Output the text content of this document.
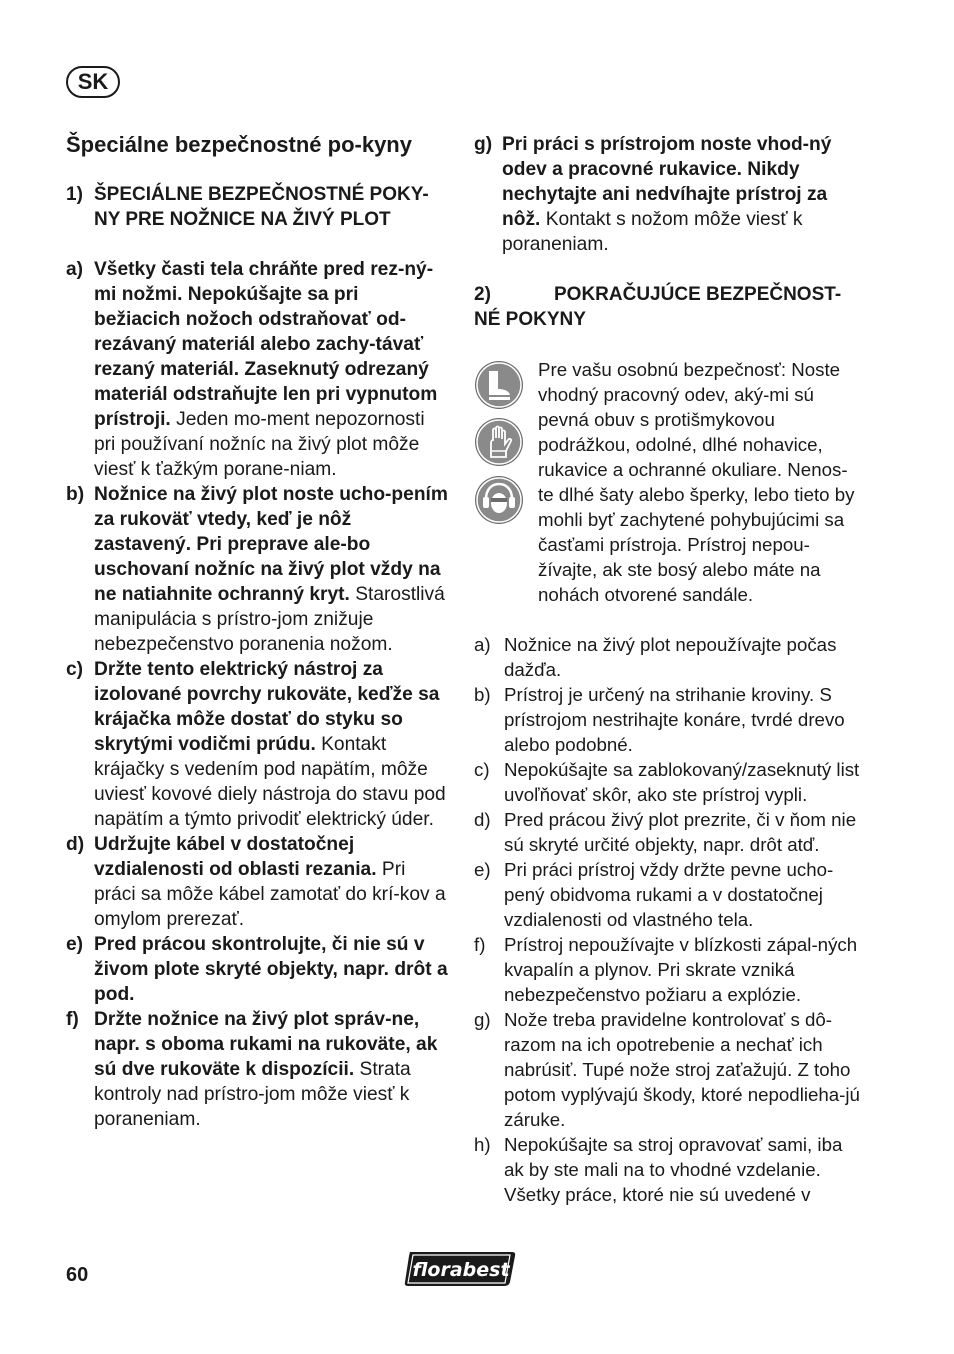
SK
Špeciálne bezpečnostné po-kyny
1) ŠPECIÁLNE BEZPEČNOSTNÉ POKY-
NY PRE NOŽNICE NA ŽIVÝ PLOT
a) Všetky časti tela chráňte pred rez-ný-mi nožmi. Nepokúšajte sa pri bežiacich nožoch odstraňovať od-rezávaný materiál alebo zachy-távať rezaný materiál. Zaseknutý odrezaný materiál odstraňujte len pri vypnutom prístroji. Jeden mo-ment nepozornosti pri používaní nožníc na živý plot môže viesť k ťažkým porane-niam.
b) Nožnice na živý plot noste ucho-pením za rukoväť vtedy, keď je nôž zastavený. Pri preprave ale-bo uschovaní nožníc na živý plot vždy na ne natiahnite ochranný kryt. Starostlivá manipulácia s prístro-jom znižuje nebezpečenstvo poranenia nožom.
c) Držte tento elektrický nástroj za izolované povrchy rukoväte, keďže sa krájačka môže dostať do styku so skrytými vodičmi prúdu. Kontakt krájačky s vedením pod napätím, môže uviesť kovové diely nástroja do stavu pod napätím a týmto privodiť elektrický úder.
d) Udržujte kábel v dostatočnej vzdialenosti od oblasti rezania. Pri práci sa môže kábel zamotať do krí-kov a omylom prerezať.
e) Pred prácou skontrolujte, či nie sú v živom plote skryté objekty, napr. drôt a pod.
f) Držte nožnice na živý plot správ-ne, napr. s oboma rukami na rukoväte, ak sú dve rukoväte k dispozícii. Strata kontroly nad prístro-jom môže viesť k poraneniam.
g) Pri práci s prístrojom noste vhod-ný odev a pracovné rukavice. Nikdy nechytajte ani nedvíhajte prístroj za nôž. Kontakt s nožom môže viesť k poraneniam.
2)	POKRAČUJÚCE BEZPEČNOST-
NÉ POKYNY
Pre vašu osobnú bezpečnosť: Noste vhodný pracovný odev, aký-mi sú pevná obuv s protišmykovou podrážkou, odolné, dlhé nohavice, rukavice a ochranné okuliare. Nenos-te dlhé šaty alebo šperky, lebo tieto by mohli byť zachytené pohybujúcimi sa časťami prístroja. Prístroj nepou-žívajte, ak ste bosý alebo máte na nohách otvorené sandále.
a) Nožnice na živý plot nepoužívajte počas dažďa.
b) Prístroj je určený na strihanie kroviny. S prístrojom nestrihajte konáre, tvrdé drevo alebo podobné.
c) Nepokúšajte sa zablokovaný/zaseknutý list uvoľňovať skôr, ako ste prístroj vypli.
d) Pred prácou živý plot prezrite, či v ňom nie sú skryté určité objekty, napr. drôt atď.
e) Pri práci prístroj vždy držte pevne ucho-pený obidvoma rukami a v dostatočnej vzdialenosti od vlastného tela.
f) Prístroj nepoužívajte v blízkosti zápal-ných kvapalín a plynov. Pri skrate vzniká nebezpečenstvo požiaru a explózie.
g) Nože treba pravidelne kontrolovať s dô-razom na ich opotrebenie a nechať ich nabrúsiť. Tupé nože stroj zaťažujú. Z toho potom vyplývajú škody, ktoré nepodlieha-jú záruke.
h) Nepokúšajte sa stroj opravovať sami, iba ak by ste mali na to vhodné vzdelanie. Všetky práce, ktoré nie sú uvedené v
60	florabest
